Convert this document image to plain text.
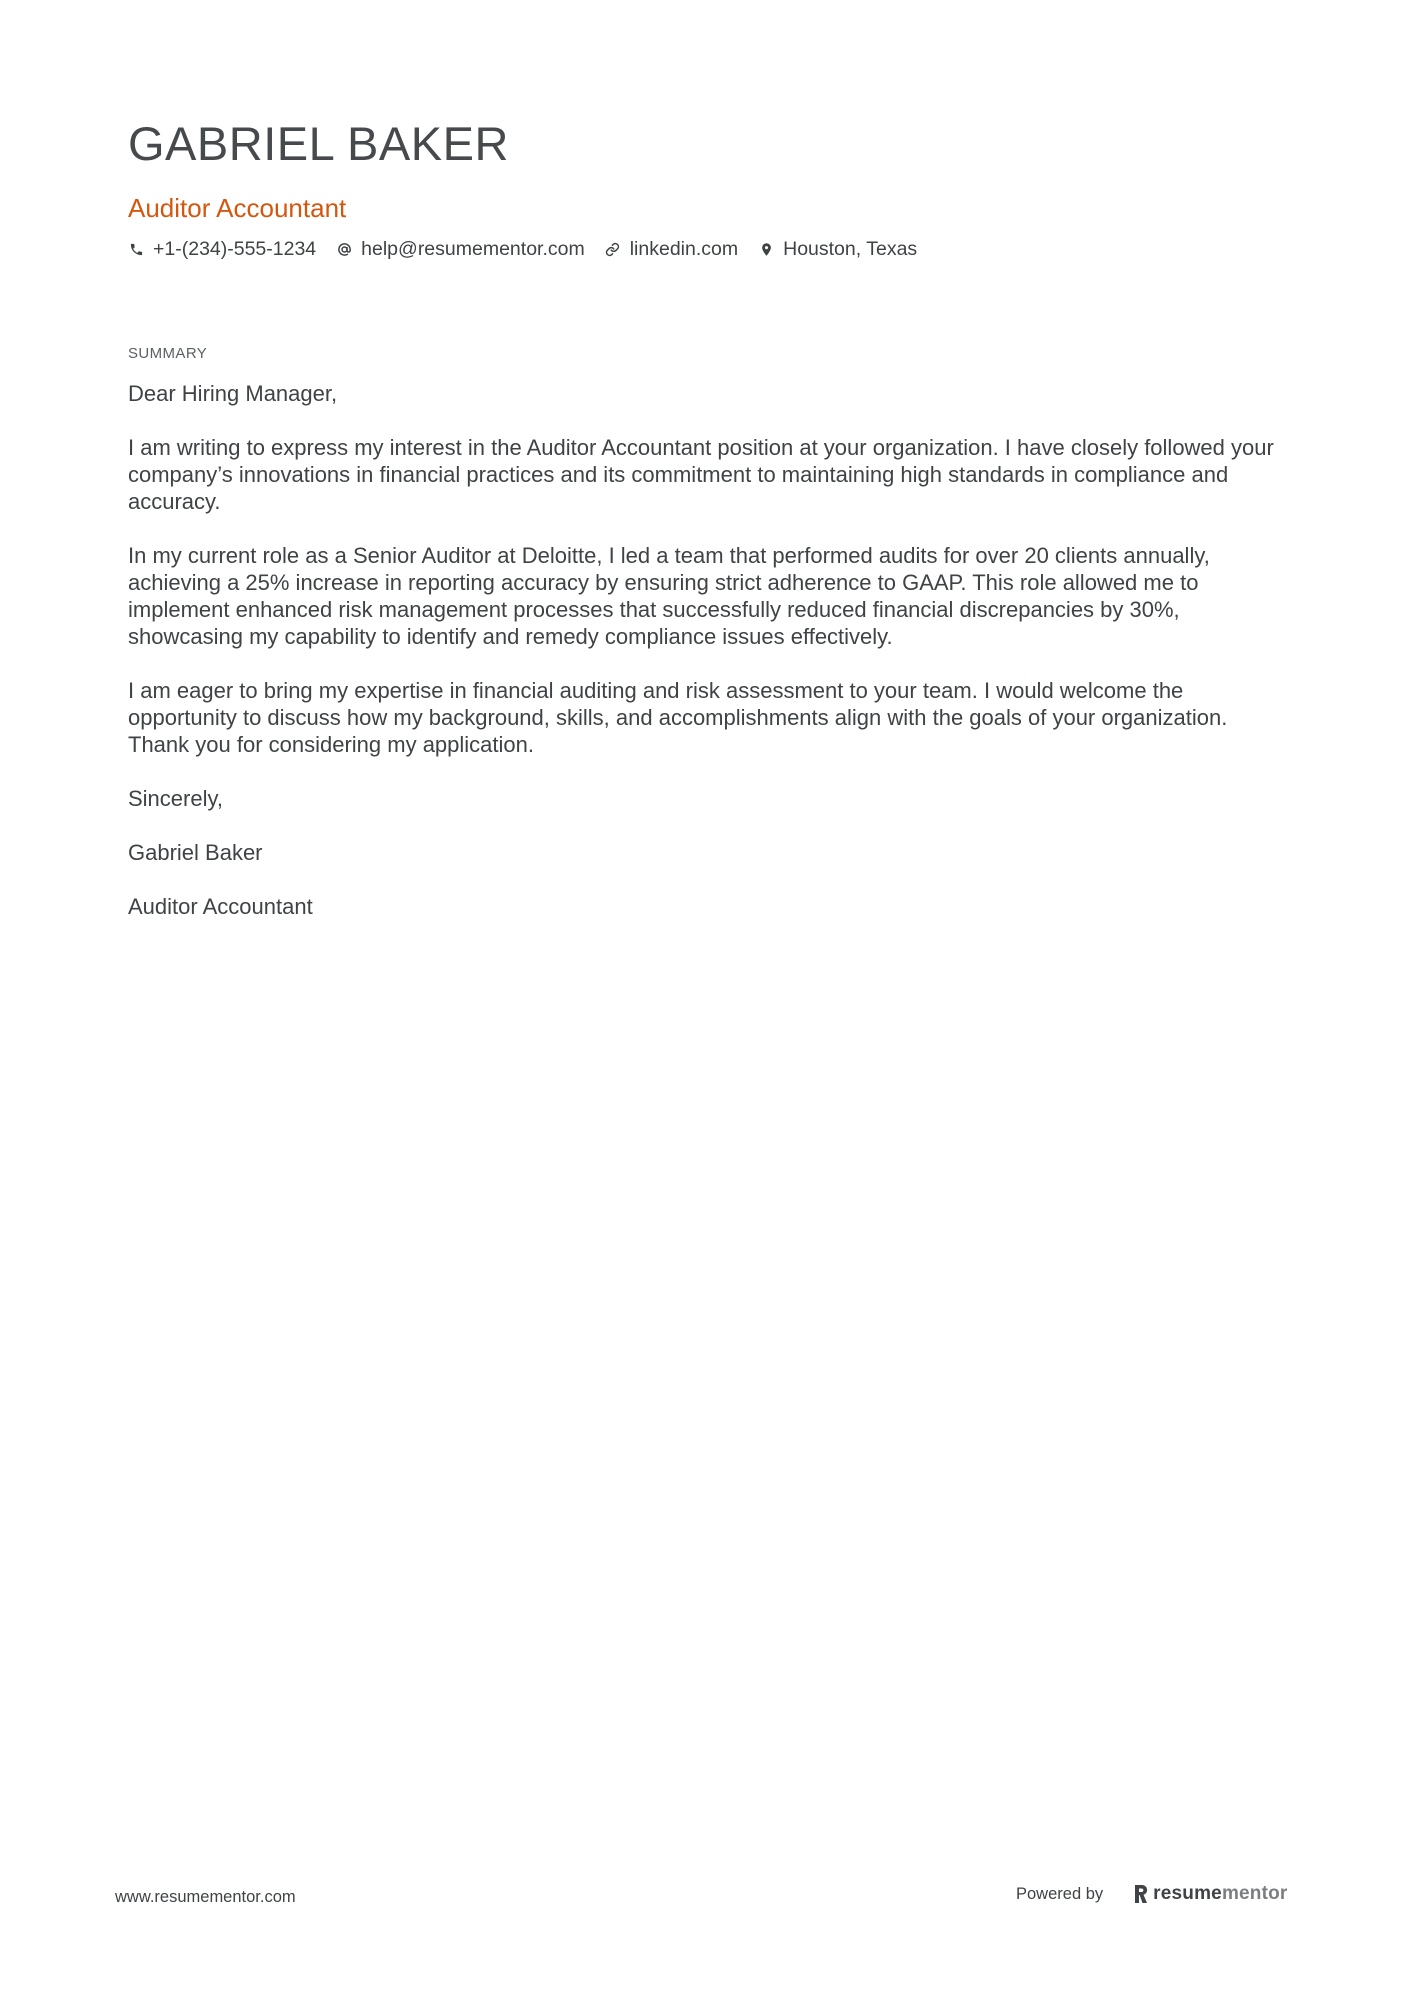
GABRIEL BAKER
Auditor Accountant
+1-(234)-555-1234 help@resumementor.com linkedin.com Houston, Texas
SUMMARY

Dear Hiring Manager,

I am writing to express my interest in the Auditor Accountant position at your organization. I have closely followed your company’s innovations in financial practices and its commitment to maintaining high standards in compliance and accuracy.

In my current role as a Senior Auditor at Deloitte, I led a team that performed audits for over 20 clients annually, achieving a 25% increase in reporting accuracy by ensuring strict adherence to GAAP. This role allowed me to implement enhanced risk management processes that successfully reduced financial discrepancies by 30%, showcasing my capability to identify and remedy compliance issues effectively.

I am eager to bring my expertise in financial auditing and risk assessment to your team. I would welcome the opportunity to discuss how my background, skills, and accomplishments align with the goals of your organization. Thank you for considering my application.

Sincerely,

Gabriel Baker

Auditor Accountant

www.resumementor.com	Powered by	resume mentor
